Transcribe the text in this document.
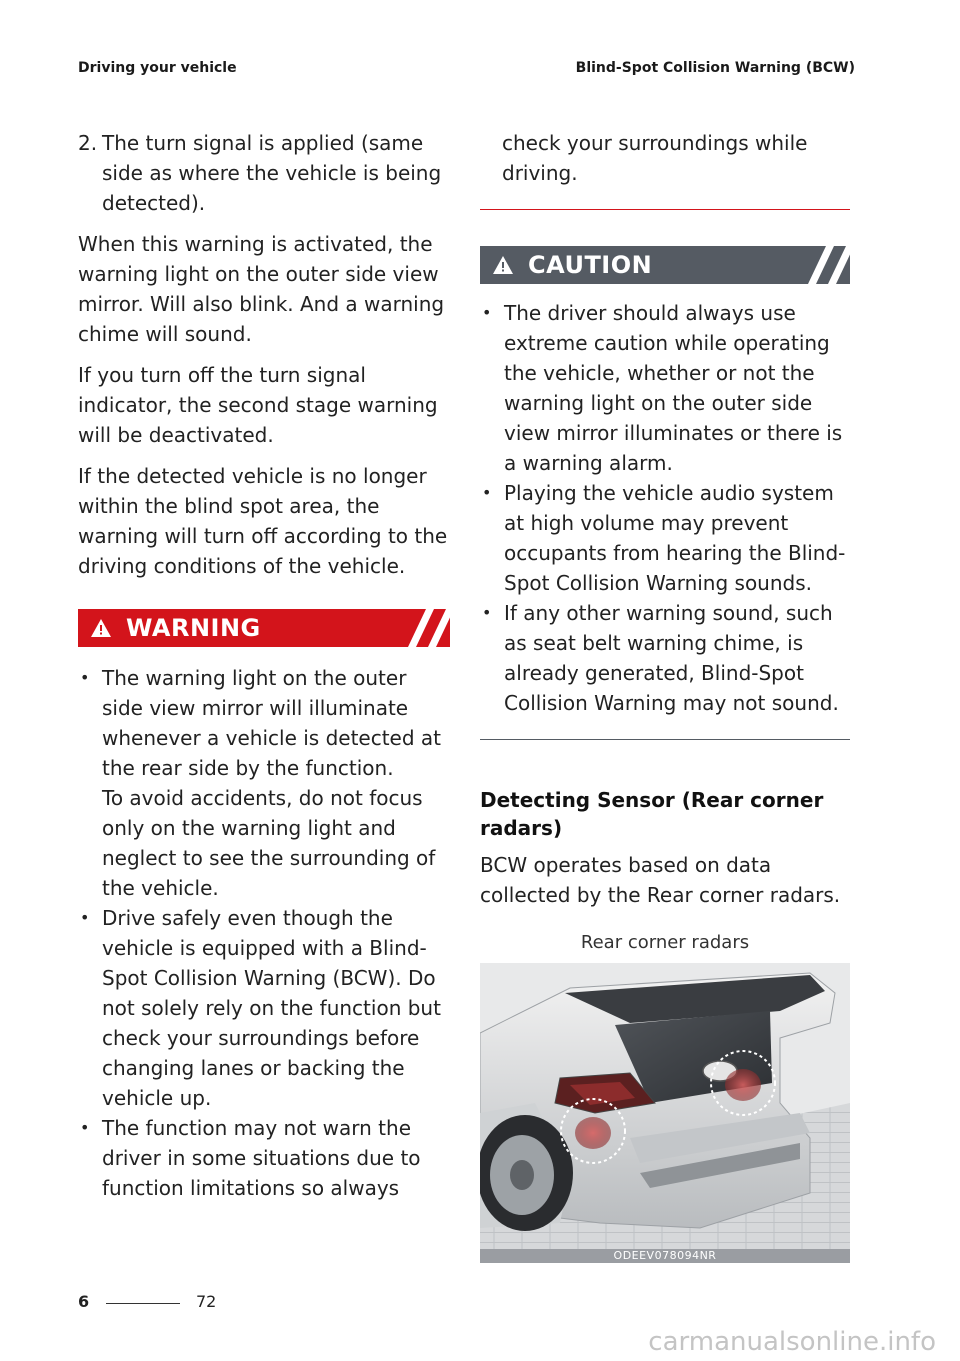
Driving your vehicle	Blind-Spot Collision Warning (BCW)
2. The turn signal is applied (same side as where the vehicle is being detected).

When this warning is activated, the warning light on the outer side view mirror. Will also blink. And a warning chime will sound.

If you turn off the turn signal indicator, the second stage warning will be deactivated.

If the detected vehicle is no longer within the blind spot area, the warning will turn off according to the driving conditions of the vehicle.

WARNING
• The warning light on the outer side view mirror will illuminate whenever a vehicle is detected at the rear side by the function.
To avoid accidents, do not focus only on the warning light and neglect to see the surrounding of the vehicle.
• Drive safely even though the vehicle is equipped with a Blind-Spot Collision Warning (BCW). Do not solely rely on the function but check your surroundings before changing lanes or backing the vehicle up.
• The function may not warn the driver in some situations due to function limitations so always

check your surroundings while driving.

CAUTION
• The driver should always use extreme caution while operating the vehicle, whether or not the warning light on the outer side view mirror illuminates or there is a warning alarm.
• Playing the vehicle audio system at high volume may prevent occupants from hearing the Blind-Spot Collision Warning sounds.
• If any other warning sound, such as seat belt warning chime, is already generated, Blind-Spot Collision Warning may not sound.
Detecting Sensor (Rear corner radars)

BCW operates based on data collected by the Rear corner radars.

Rear corner radars
ODEEV078094NR
6	72
carmanualsonline.info
